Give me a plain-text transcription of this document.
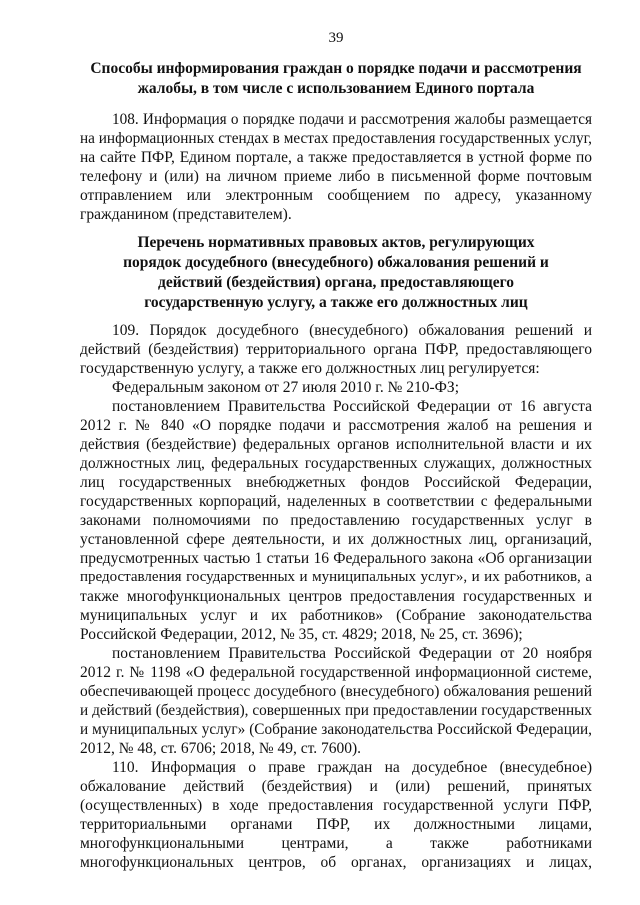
39
Способы информирования граждан о порядке подачи и рассмотрения
жалобы, в том числе с использованием Единого портала
108. Информация о порядке подачи и рассмотрения жалобы размещается
на информационных стендах в местах предоставления государственных услуг,
на сайте ПФР, Едином портале, а также предоставляется в устной форме по
телефону и (или) на личном приеме либо в письменной форме почтовым
отправлением или электронным сообщением по адресу, указанному
гражданином (представителем).
Перечень нормативных правовых актов, регулирующих
порядок досудебного (внесудебного) обжалования решений и
действий (бездействия) органа, предоставляющего
государственную услугу, а также его должностных лиц
109. Порядок досудебного (внесудебного) обжалования решений и
действий (бездействия) территориального органа ПФР, предоставляющего
государственную услугу, а также его должностных лиц регулируется:
Федеральным законом от 27 июля 2010 г. № 210-ФЗ;
постановлением Правительства Российской Федерации от 16 августа
2012 г. № 840 «О порядке подачи и рассмотрения жалоб на решения и
действия (бездействие) федеральных органов исполнительной власти и их
должностных лиц, федеральных государственных служащих, должностных
лиц государственных внебюджетных фондов Российской Федерации,
государственных корпораций, наделенных в соответствии с федеральными
законами полномочиями по предоставлению государственных услуг в
установленной сфере деятельности, и их должностных лиц, организаций,
предусмотренных частью 1 статьи 16 Федерального закона «Об организации
предоставления государственных и муниципальных услуг», и их работников, а
также многофункциональных центров предоставления государственных и
муниципальных услуг и их работников» (Собрание законодательства
Российской Федерации, 2012, № 35, ст. 4829; 2018, № 25, ст. 3696);
постановлением Правительства Российской Федерации от 20 ноября
2012 г. № 1198 «О федеральной государственной информационной системе,
обеспечивающей процесс досудебного (внесудебного) обжалования решений
и действий (бездействия), совершенных при предоставлении государственных
и муниципальных услуг» (Собрание законодательства Российской Федерации,
2012, № 48, ст. 6706; 2018, № 49, ст. 7600).
110. Информация о праве граждан на досудебное (внесудебное)
обжалование действий (бездействия) и (или) решений, принятых
(осуществленных) в ходе предоставления государственной услуги ПФР,
территориальными органами ПФР, их должностными лицами,
многофункциональными центрами, а также работниками
многофункциональных центров, об органах, организациях и лицах,
